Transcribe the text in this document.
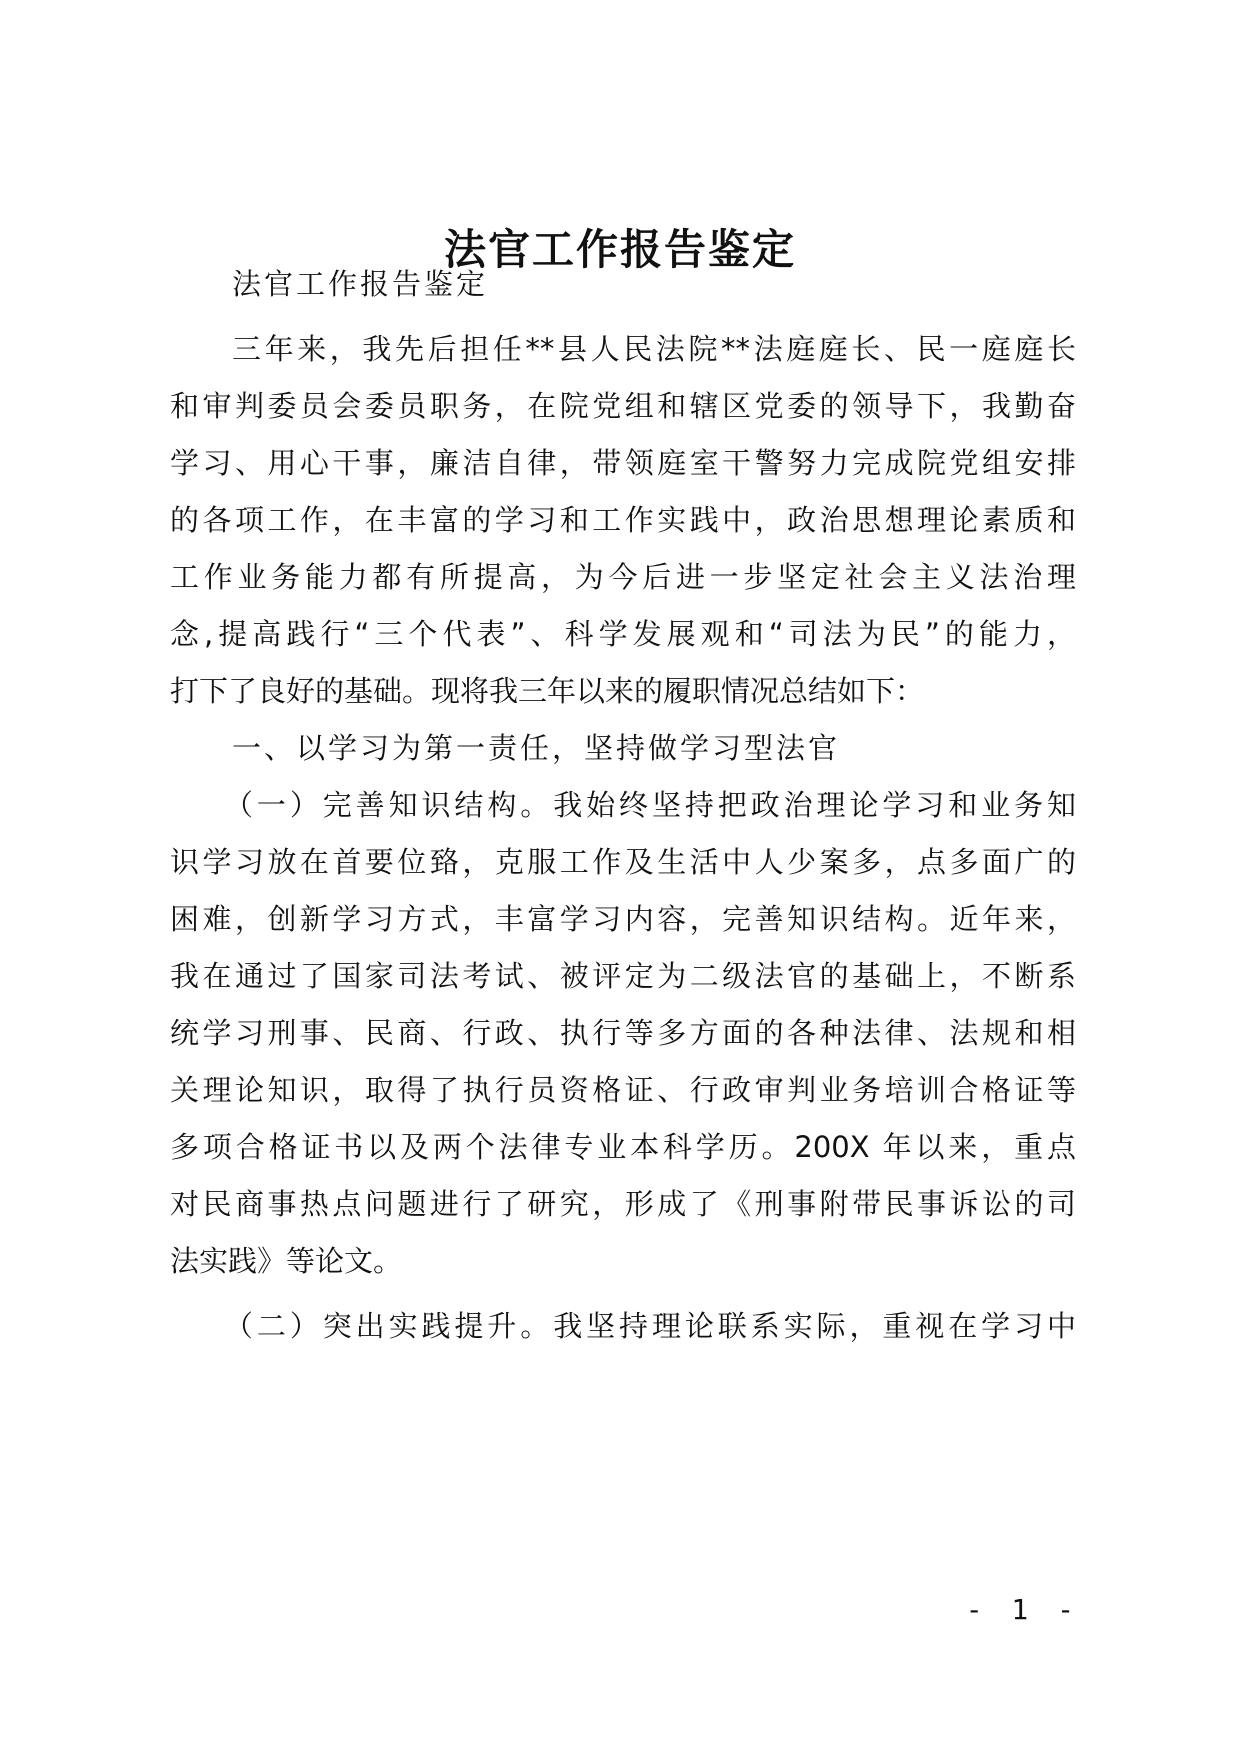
法官工作报告鉴定
法官工作报告鉴定
三年来，我先后担任**县人民法院**法庭庭长、民一庭庭长
和审判委员会委员职务，在院党组和辖区党委的领导下，我勤奋
学习、用心干事，廉洁自律，带领庭室干警努力完成院党组安排
的各项工作，在丰富的学习和工作实践中，政治思想理论素质和
工作业务能力都有所提高，为今后进一步坚定社会主义法治理
念,提高践行“三个代表”、科学发展观和“司法为民”的能力，
打下了良好的基础。现将我三年以来的履职情况总结如下：
一、以学习为第一责任，坚持做学习型法官
（一）完善知识结构。我始终坚持把政治理论学习和业务知
识学习放在首要位臵，克服工作及生活中人少案多，点多面广的
困难，创新学习方式，丰富学习内容，完善知识结构。近年来，
我在通过了国家司法考试、被评定为二级法官的基础上，不断系
统学习刑事、民商、行政、执行等多方面的各种法律、法规和相
关理论知识，取得了执行员资格证、行政审判业务培训合格证等
多项合格证书以及两个法律专业本科学历。200X 年以来，重点
对民商事热点问题进行了研究，形成了《刑事附带民事诉讼的司
法实践》等论文。
（二）突出实践提升。我坚持理论联系实际，重视在学习中
- 1 -
